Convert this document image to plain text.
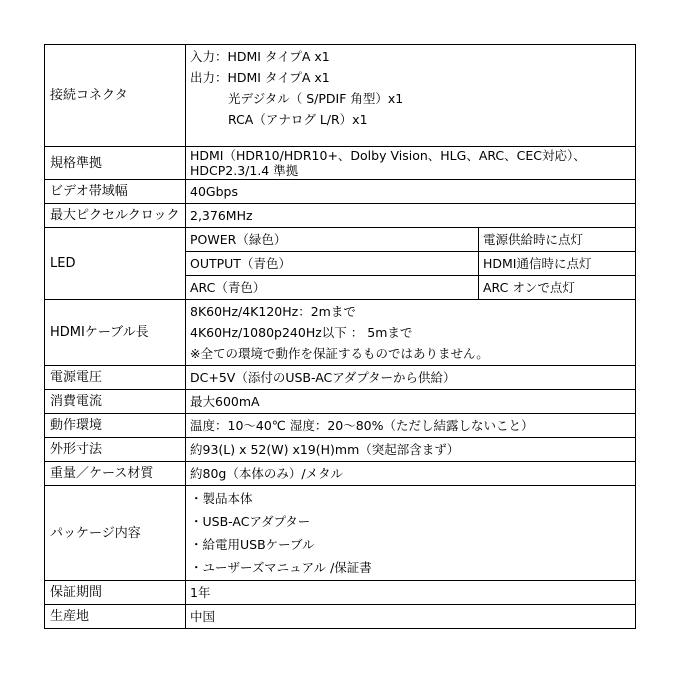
接続コネクタ	入力：HDMI タイプA x1
出力：HDMI タイプA x1
光デジタル（ S/PDIF 角型）x1
RCA（アナログ L/R）x1	

規格準拠	HDMI（HDR10/HDR10+、Dolby Vision、HLG、ARC、CEC対応）、
HDCP2.3/1.4 準拠	

ビデオ帯域幅	40Gbps	
最大ピクセルクロック	2,376MHz	
LED	POWER（緑色）	電源供給時に点灯
	OUTPUT（青色）	HDMI通信時に点灯
	ARC（青色）	ARC オンで点灯
HDMIケーブル長	8K60Hz/4K120Hz：2mまで
4K60Hz/1080p240Hz以下 ： 5mまで
※全ての環境で動作を保証するものではありません。	

電源電圧	DC+5V（添付のUSB-ACアダプターから供給）	
消費電流	最大600mA	
動作環境	温度：10～40℃ 湿度：20～80%（ただし結露しないこと）	
外形寸法	約93(L) x 52(W) x19(H)mm（突起部含まず）	
重量／ケース材質	約80g（本体のみ）/メタル	
パッケージ内容	・製品本体
・USB-ACアダプター
・給電用USBケーブル
・ユーザーズマニュアル /保証書	

保証期間	1年	
生産地	中国	
